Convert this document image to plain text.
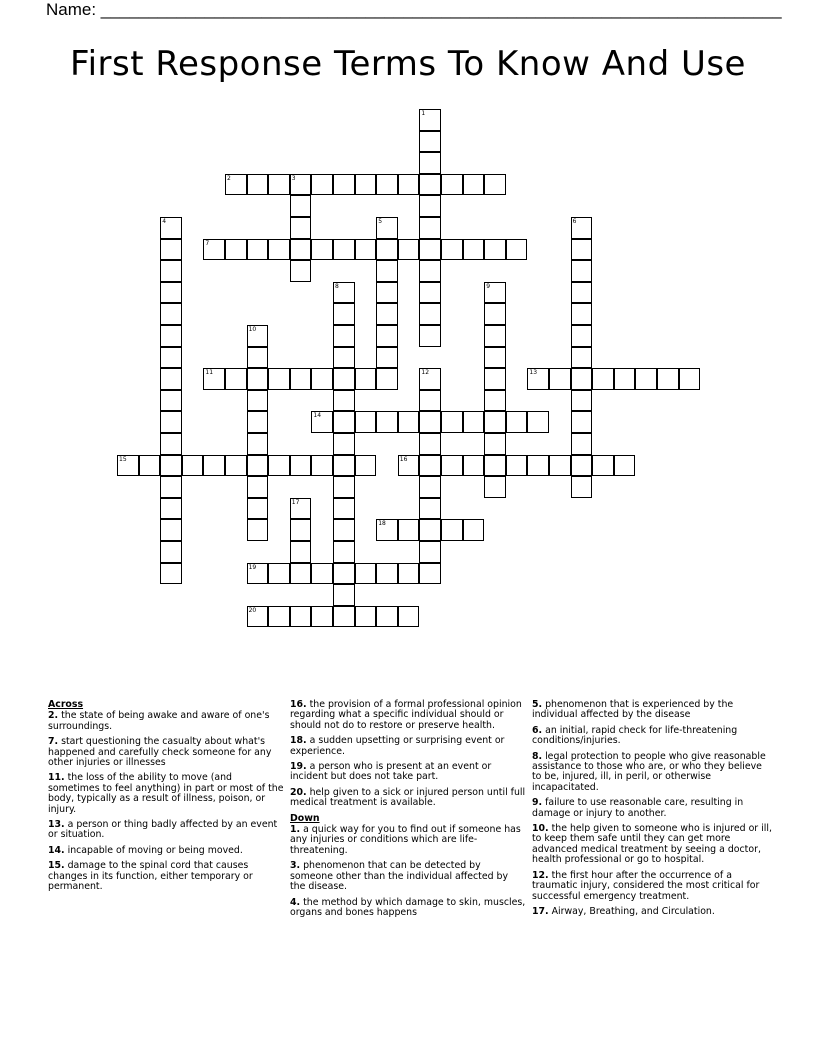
Name: ________________________________________________________________________
First Response Terms To Know And Use
1
2	3
4	5	6
7
8	9
10
11	12	13
14
15	16
17
18
19
20
Across
2. the state of being awake and aware of one's surroundings.
7. start questioning the casualty about what's happened and carefully check someone for any other injuries or illnesses
11. the loss of the ability to move (and sometimes to feel anything) in part or most of the body, typically as a result of illness, poison, or injury.
13. a person or thing badly affected by an event or situation.
14. incapable of moving or being moved.
15. damage to the spinal cord that causes changes in its function, either temporary or permanent.
16. the provision of a formal professional opinion regarding what a specific individual should or should not do to restore or preserve health.
18. a sudden upsetting or surprising event or experience.
19. a person who is present at an event or incident but does not take part.
20. help given to a sick or injured person until full medical treatment is available.
Down
1. a quick way for you to find out if someone has any injuries or conditions which are life-threatening.
3. phenomenon that can be detected by someone other than the individual affected by the disease.
4. the method by which damage to skin, muscles, organs and bones happens
5. phenomenon that is experienced by the individual affected by the disease
6. an initial, rapid check for life-threatening conditions/injuries.
8. legal protection to people who give reasonable assistance to those who are, or who they believe to be, injured, ill, in peril, or otherwise incapacitated.
9. failure to use reasonable care, resulting in damage or injury to another.
10. the help given to someone who is injured or ill, to keep them safe until they can get more advanced medical treatment by seeing a doctor, health professional or go to hospital.
12. the first hour after the occurrence of a traumatic injury, considered the most critical for successful emergency treatment.
17. Airway, Breathing, and Circulation.
